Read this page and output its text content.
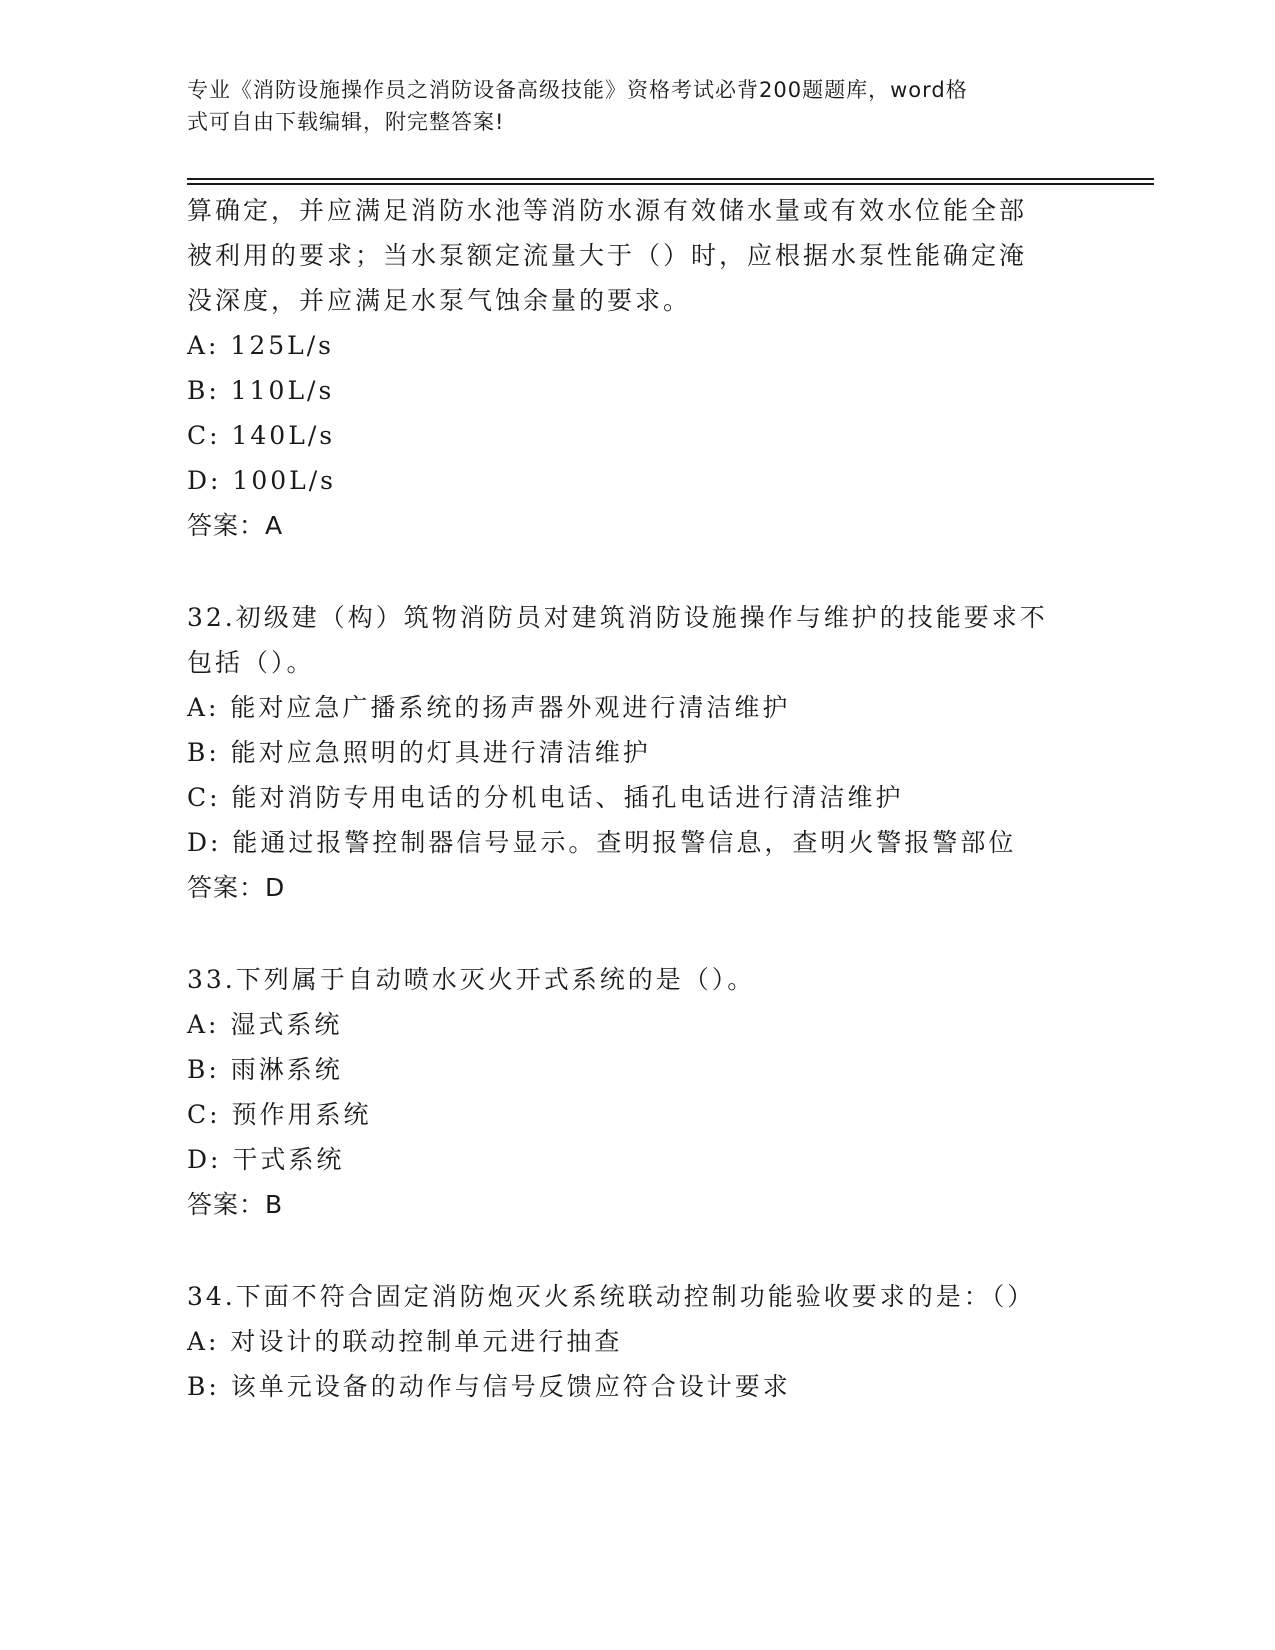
专业《消防设施操作员之消防设备高级技能》资格考试必背200题题库，word格
式可自由下载编辑，附完整答案!
算确定，并应满足消防水池等消防水源有效储水量或有效水位能全部
被利用的要求；当水泵额定流量大于（）时，应根据水泵性能确定淹
没深度，并应满足水泵气蚀余量的要求。
A: 125L/s
B: 110L/s
C: 140L/s
D: 100L/s
答案：A
32.初级建（构）筑物消防员对建筑消防设施操作与维护的技能要求不
包括（）。
A: 能对应急广播系统的扬声器外观进行清洁维护
B: 能对应急照明的灯具进行清洁维护
C: 能对消防专用电话的分机电话、插孔电话进行清洁维护
D: 能通过报警控制器信号显示。查明报警信息，查明火警报警部位
答案：D
33.下列属于自动喷水灭火开式系统的是（）。
A: 湿式系统
B: 雨淋系统
C: 预作用系统
D: 干式系统
答案：B
34.下面不符合固定消防炮灭火系统联动控制功能验收要求的是：（）
A: 对设计的联动控制单元进行抽查
B: 该单元设备的动作与信号反馈应符合设计要求
